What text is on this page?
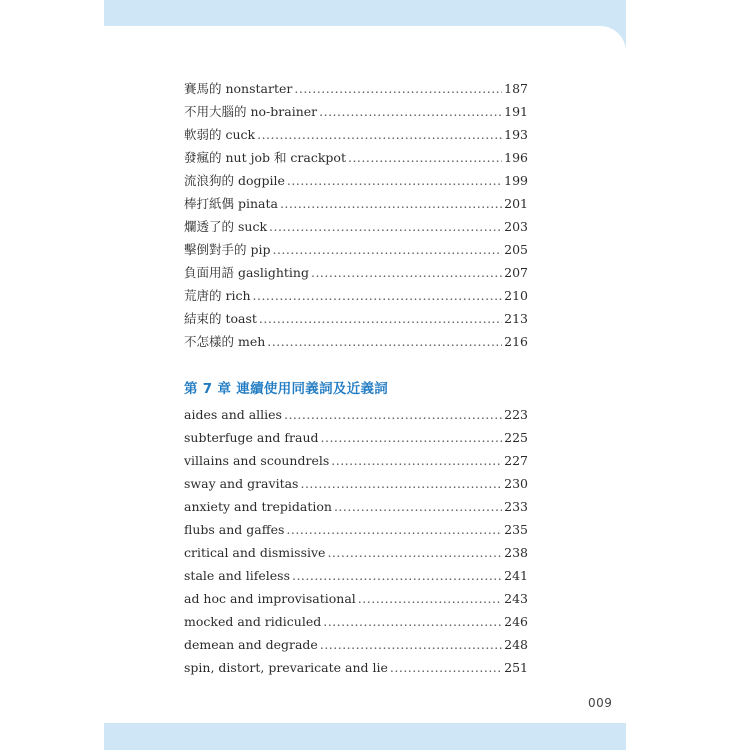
賽馬的 nonstarter .....	187
不用大腦的 no-brainer .....	191
軟弱的 cuck .....	193
發瘋的 nut job 和 crackpot .....	196
流浪狗的 dogpile .....	199
棒打紙偶 pinata .....	201
爛透了的 suck .....	203
擊倒對手的 pip .....	205
負面用語 gaslighting .....	207
荒唐的 rich .....	210
結束的 toast .....	213
不怎樣的 meh .....	216
第 7 章 連續使用同義詞及近義詞
aides and allies .....	223
subterfuge and fraud .....	225
villains and scoundrels .....	227
sway and gravitas .....	230
anxiety and trepidation .....	233
flubs and gaffes .....	235
critical and dismissive .....	238
stale and lifeless .....	241
ad hoc and improvisational .....	243
mocked and ridiculed .....	246
demean and degrade .....	248
spin, distort, prevaricate and lie .....	251
009
